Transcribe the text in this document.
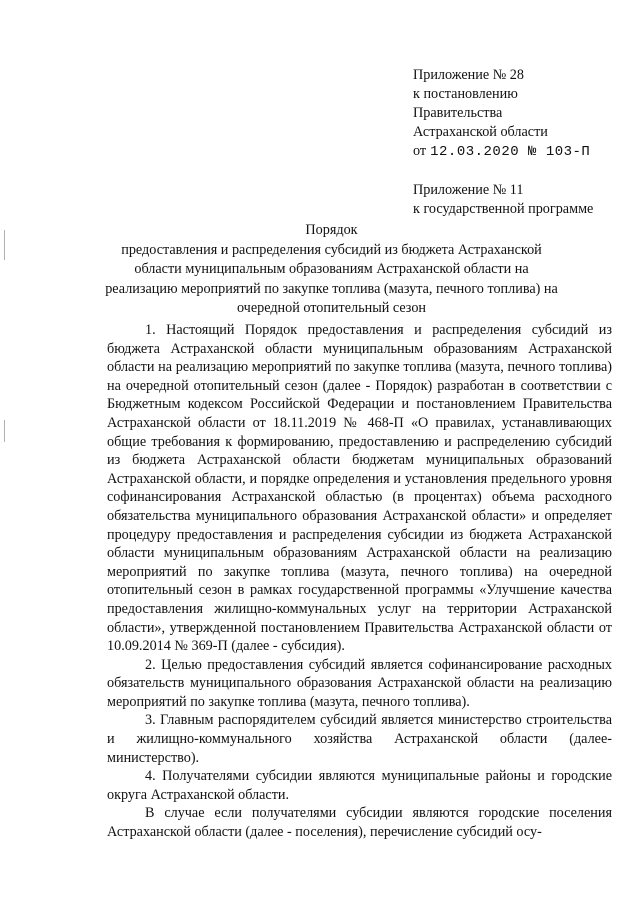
Приложение № 28
к постановлению
Правительства
Астраханской области
от 12.03.2020 № 103-П
Приложение № 11
к государственной программе
Порядок
предоставления и распределения субсидий из бюджета Астраханской области муниципальным образованиям Астраханской области на реализацию мероприятий по закупке топлива (мазута, печного топлива) на очередной отопительный сезон

1. Настоящий Порядок предоставления и распределения субсидий из бюджета Астраханской области муниципальным образованиям Астраханской области на реализацию мероприятий по закупке топлива (мазута, печного топлива) на очередной отопительный сезон (далее - Порядок) разработан в соответствии с Бюджетным кодексом Российской Федерации и постановлением Правительства Астраханской области от 18.11.2019 № 468-П «О правилах, устанавливающих общие требования к формированию, предоставлению и распределению субсидий из бюджета Астраханской области бюджетам муниципальных образований Астраханской области, и порядке определения и установления предельного уровня софинансирования Астраханской областью (в процентах) объема расходного обязательства муниципального образования Астраханской области» и определяет процедуру предоставления и распределения субсидии из бюджета Астраханской области муниципальным образованиям Астраханской области на реализацию мероприятий по закупке топлива (мазута, печного топлива) на очередной отопительный сезон в рамках государственной программы «Улучшение качества предоставления жилищно-коммунальных услуг на территории Астраханской области», утвержденной постановлением Правительства Астраханской области от 10.09.2014 № 369-П (далее - субсидия).

2. Целью предоставления субсидий является софинансирование расходных обязательств муниципального образования Астраханской области на реализацию мероприятий по закупке топлива (мазута, печного топлива).

3. Главным распорядителем субсидий является министерство строительства и жилищно-коммунального хозяйства Астраханской области (далее-министерство).

4. Получателями субсидии являются муниципальные районы и городские округа Астраханской области.

В случае если получателями субсидии являются городские поселения Астраханской области (далее - поселения), перечисление субсидий осу-
